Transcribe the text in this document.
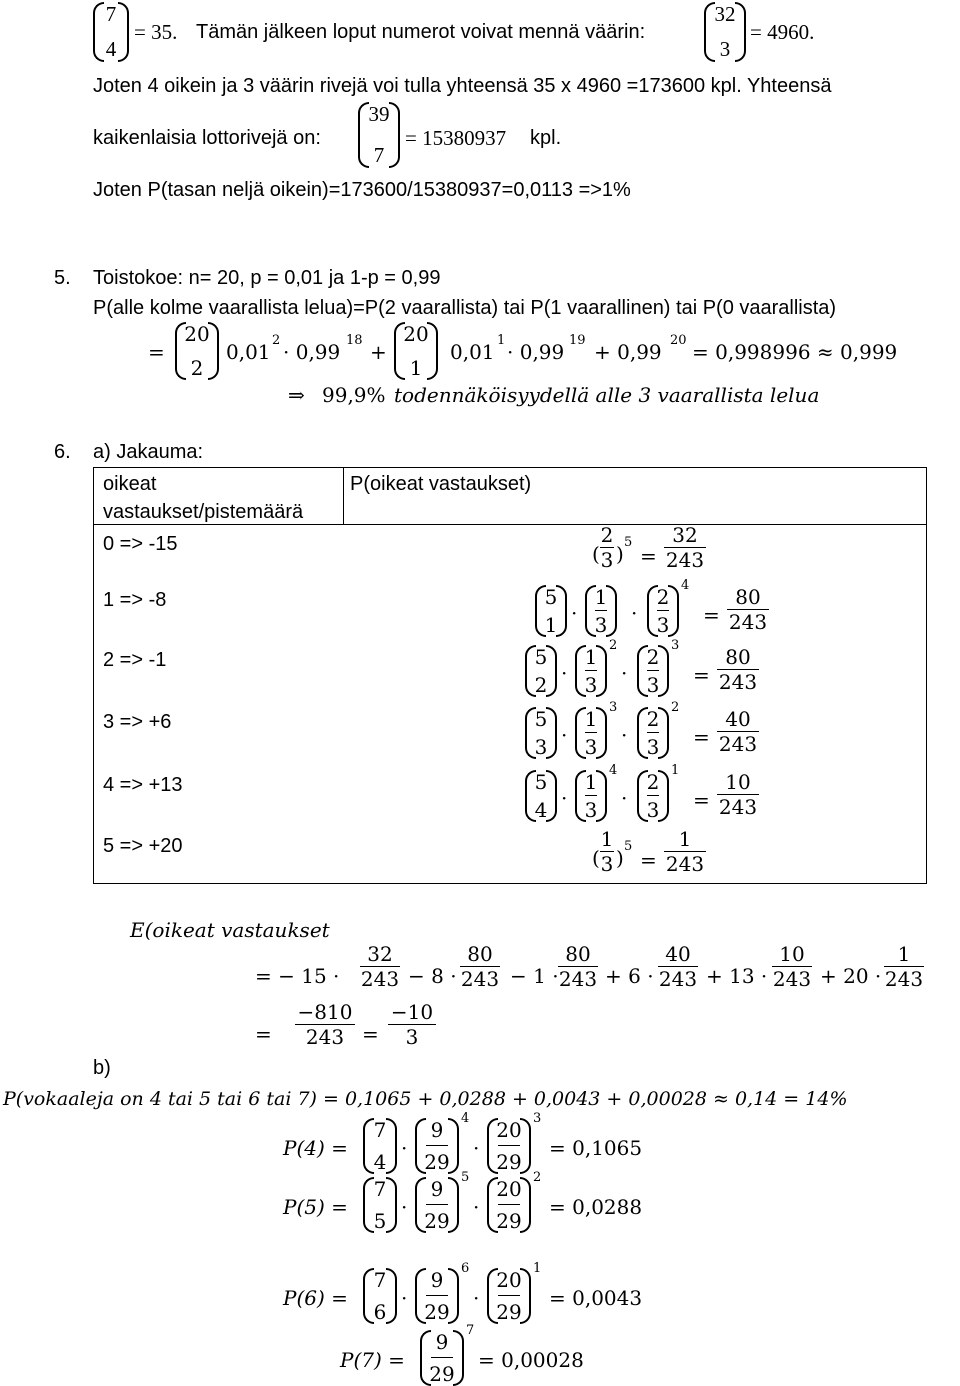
7
4
= 35. Tämän jälkeen loput numerot voivat mennä väärin:
32
3
= 4960.
Joten 4 oikein ja 3 väärin rivejä voi tulla yhteensä 35 x 4960 =173600 kpl. Yhteensä
kaikenlaisia lottorivejä on:
39
7
= 15380937 kpl.
Joten P(tasan neljä oikein)=173600/15380937=0,0113 =>1%
5. Toistokoe: n= 20, p = 0,01 ja 1-p = 0,99
P(alle kolme vaarallista lelua)=P(2 vaarallista) tai P(1 vaarallinen) tai P(0 vaarallista)
=
20
2
0,01 2 · 0,99 18 +
20
1
0,01 1 · 0,99 19 + 0,99 20 = 0,998996 ≈ 0,999
⇒ 99,9% todennäköisyydellä alle 3 vaarallista lelua
6. a) Jakauma:
oikeat
vastaukset/pistemäärä
P(oikeat vastaukset)
0 => -15
1 => -8
2 => -1
3 => +6
4 => +13
5 => +20
(
2
3 ) 5
=
32
243
5
1 ·
1
3	·
2
3
4
=
80
243
5
2 ·
1
3
2
·
2
3
3
=
80
243
5
3 ·
1
3
3
·
2
3
2
=
40
243
5
4 ·
1
3
4
·
2
3
1
=
10
243
(
1
3 ) 5
=
1
243
E(oikeat vastaukset
= − 15 ·
32
243 − 8 ·
80
243 − 1 ·
80
243 + 6 ·
40
243 + 13 ·
10
243 + 20 ·
1
243
=
−810
243 =
−10
3
b)
P(vokaaleja on 4 tai 5 tai 6 tai 7) = 0,1065 + 0,0288 + 0,0043 + 0,00028 ≈ 0,14 = 14%
P(4) =
7
4
·
9
29
4
·
20
29
3
= 0,1065
P(5) =
7
5
·
9
29
5
·
20
29
2
= 0,0288
P(6) =
7
6
·
9
29
6
·
20
29
1
= 0,0043
P(7) =
9
29
7
= 0,00028
